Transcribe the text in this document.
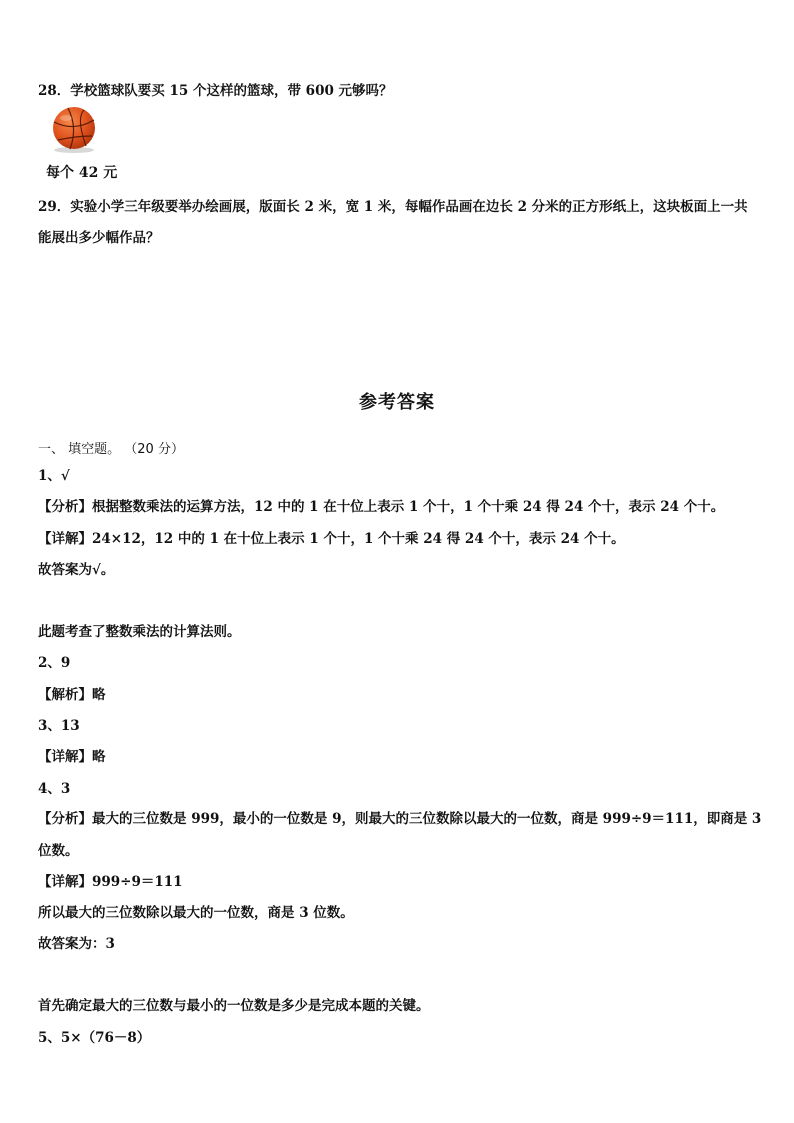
28．学校篮球队要买 15 个这样的篮球，带 600 元够吗？
每个 42 元
29．实验小学三年级要举办绘画展，版面长 2 米，宽 1 米，每幅作品画在边长 2 分米的正方形纸上，这块板面上一共
能展出多少幅作品？
参考答案
一、 填空题。 （20 分）
1、√
【分析】根据整数乘法的运算方法，12 中的 1 在十位上表示 1 个十，1 个十乘 24 得 24 个十，表示 24 个十。
【详解】24×12，12 中的 1 在十位上表示 1 个十，1 个十乘 24 得 24 个十，表示 24 个十。
故答案为√。
此题考查了整数乘法的计算法则。
2、9
【解析】略
3、13
【详解】略
4、3
【分析】最大的三位数是 999，最小的一位数是 9，则最大的三位数除以最大的一位数，商是 999÷9＝111，即商是 3
位数。
【详解】999÷9＝111
所以最大的三位数除以最大的一位数，商是 3 位数。
故答案为：3
首先确定最大的三位数与最小的一位数是多少是完成本题的关键。
5、5×（76－8）
